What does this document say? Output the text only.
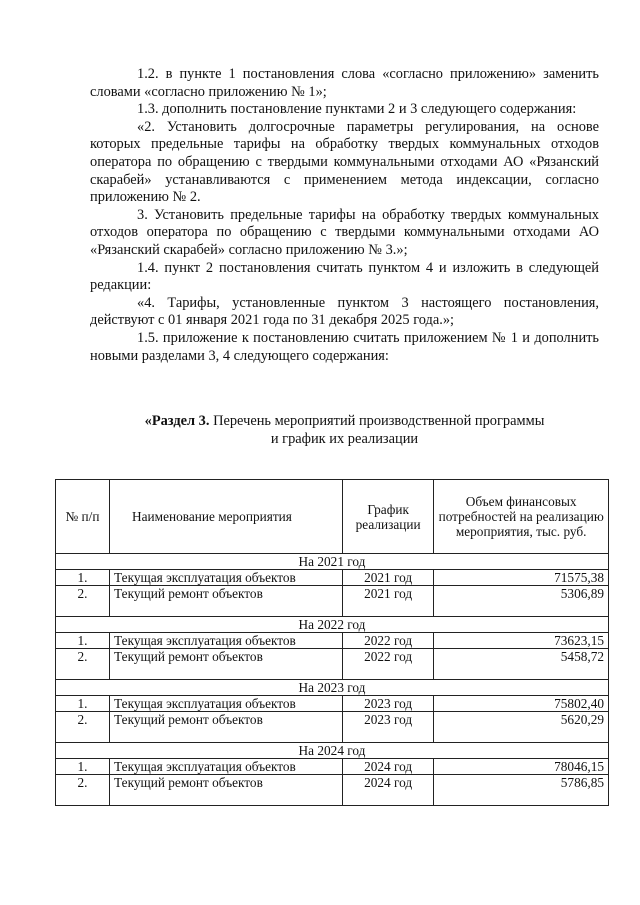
1.2. в пункте 1 постановления слова «согласно приложению» заменить словами «согласно приложению № 1»;

1.3. дополнить постановление пунктами 2 и 3 следующего содержания:

«2. Установить долгосрочные параметры регулирования, на основе которых предельные тарифы на обработку твердых коммунальных отходов оператора по обращению с твердыми коммунальными отходами АО «Рязанский скарабей» устанавливаются с применением метода индексации, согласно приложению № 2.

3. Установить предельные тарифы на обработку твердых коммунальных отходов оператора по обращению с твердыми коммунальными отходами АО «Рязанский скарабей» согласно приложению № 3.»;

1.4. пункт 2 постановления считать пунктом 4 и изложить в следующей редакции:

«4. Тарифы, установленные пунктом 3 настоящего постановления, действуют с 01 января 2021 года по 31 декабря 2025 года.»;

1.5. приложение к постановлению считать приложением № 1 и дополнить новыми разделами 3, 4 следующего содержания:

«Раздел 3. Перечень мероприятий производственной программы
и график их реализации
№ п/п	Наименование мероприятия	График реализации	Объем финансовых потребностей на реализацию мероприятия, тыс. руб.
На 2021 год			
1.	Текущая эксплуатация объектов	2021 год	71575,38
2.	Текущий ремонт объектов	2021 год	5306,89
На 2022 год			
1.	Текущая эксплуатация объектов	2022 год	73623,15
2.	Текущий ремонт объектов	2022 год	5458,72
На 2023 год			
1.	Текущая эксплуатация объектов	2023 год	75802,40
2.	Текущий ремонт объектов	2023 год	5620,29
На 2024 год			
1.	Текущая эксплуатация объектов	2024 год	78046,15
2.	Текущий ремонт объектов	2024 год	5786,85
